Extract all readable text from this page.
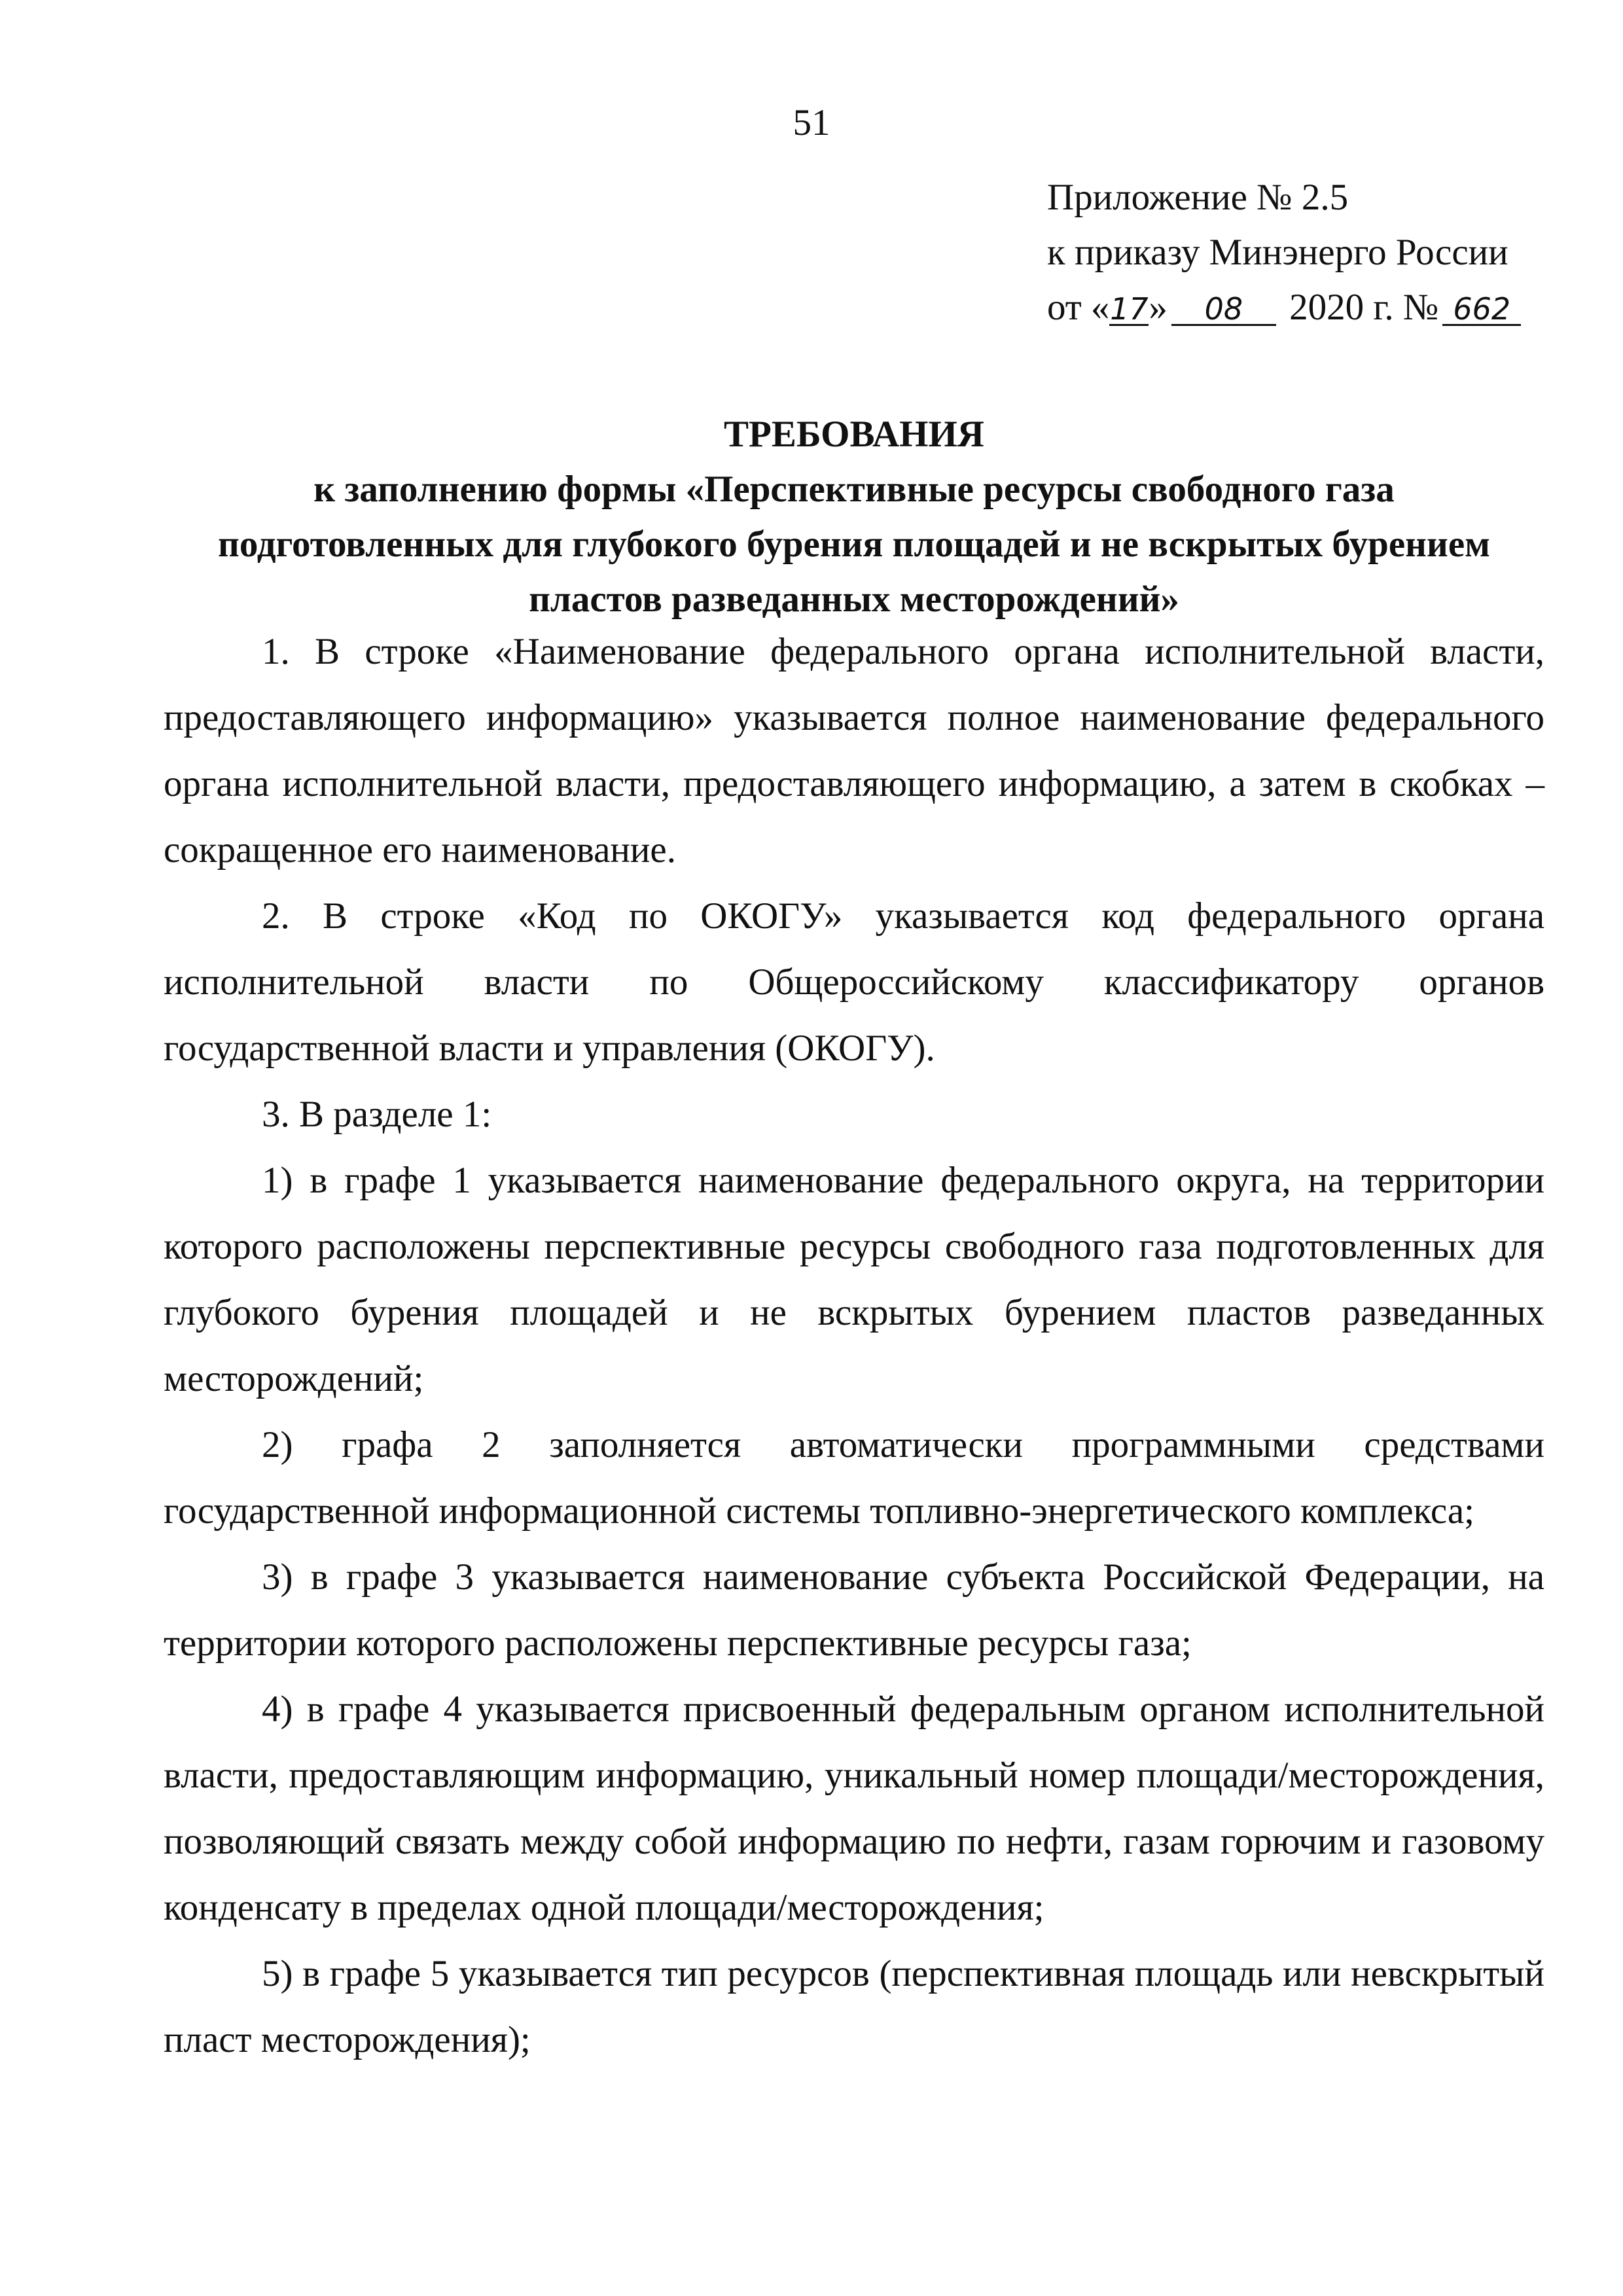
51
Приложение № 2.5
к приказу Минэнерго России
от «17» 08 2020 г. № 662
ТРЕБОВАНИЯ
к заполнению формы «Перспективные ресурсы свободного газа
подготовленных для глубокого бурения площадей и не вскрытых бурением
пластов разведанных месторождений»

1. В строке «Наименование федерального органа исполнительной власти, предоставляющего информацию» указывается полное наименование федерального органа исполнительной власти, предоставляющего информацию, а затем в скобках – сокращенное его наименование.

2. В строке «Код по ОКОГУ» указывается код федерального органа исполнительной власти по Общероссийскому классификатору органов государственной власти и управления (ОКОГУ).

3. В разделе 1:

1) в графе 1 указывается наименование федерального округа, на территории которого расположены перспективные ресурсы свободного газа подготовленных для глубокого бурения площадей и не вскрытых бурением пластов разведанных месторождений;

2) графа 2 заполняется автоматически программными средствами государственной информационной системы топливно-энергетического комплекса;

3) в графе 3 указывается наименование субъекта Российской Федерации, на территории которого расположены перспективные ресурсы газа;

4) в графе 4 указывается присвоенный федеральным органом исполнительной власти, предоставляющим информацию, уникальный номер площади/месторождения, позволяющий связать между собой информацию по нефти, газам горючим и газовому конденсату в пределах одной площади/месторождения;

5) в графе 5 указывается тип ресурсов (перспективная площадь или невскрытый пласт месторождения);
